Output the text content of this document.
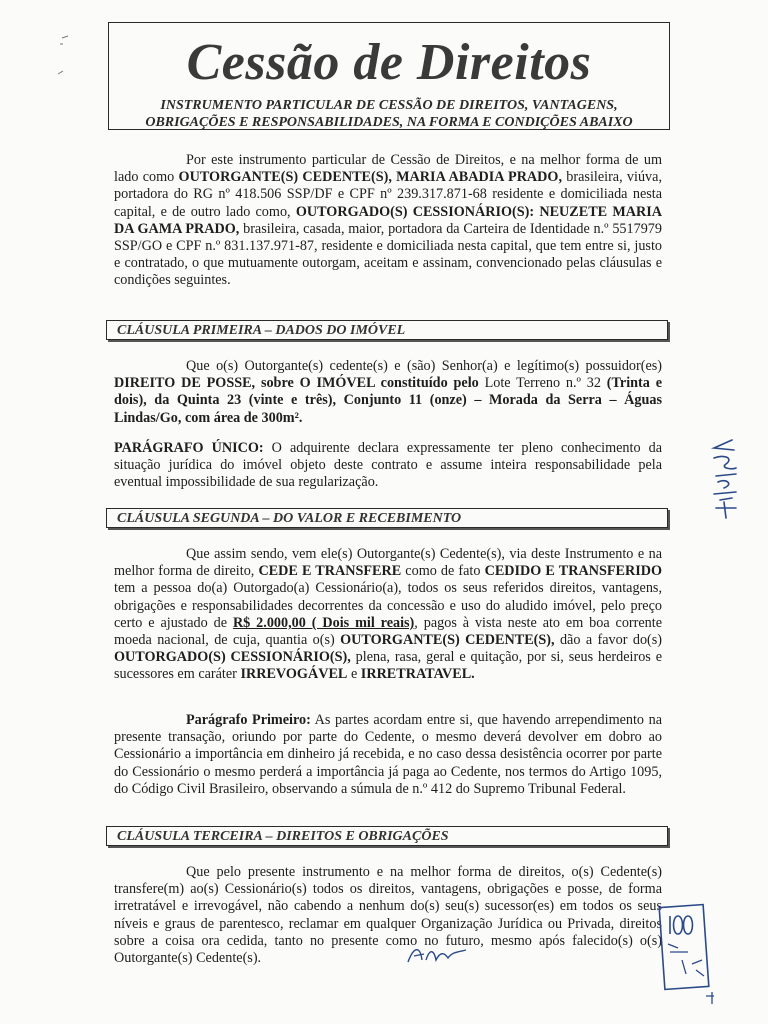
Cessão de Direitos
INSTRUMENTO PARTICULAR DE CESSÃO DE DIREITOS, VANTAGENS,
OBRIGAÇÕES E RESPONSABILIDADES, NA FORMA E CONDIÇÕES ABAIXO
Por este instrumento particular de Cessão de Direitos, e na melhor forma de um lado como OUTORGANTE(S) CEDENTE(S), MARIA ABADIA PRADO, brasileira, viúva, portadora do RG nº 418.506 SSP/DF e CPF nº 239.317.871-68 residente e domiciliada nesta capital, e de outro lado como, OUTORGADO(S) CESSIONÁRIO(S): NEUZETE MARIA DA GAMA PRADO, brasileira, casada, maior, portadora da Carteira de Identidade n.º 5517979 SSP/GO e CPF n.º 831.137.971-87, residente e domiciliada nesta capital, que tem entre si, justo e contratado, o que mutuamente outorgam, aceitam e assinam, convencionado pelas cláusulas e condições seguintes.
CLÁUSULA PRIMEIRA – DADOS DO IMÓVEL
Que o(s) Outorgante(s) cedente(s) e (são) Senhor(a) e legítimo(s) possuidor(es) DIREITO DE POSSE, sobre O IMÓVEL constituído pelo Lote Terreno n.º 32 (Trinta e dois), da Quinta 23 (vinte e três), Conjunto 11 (onze) – Morada da Serra – Águas Lindas/Go, com área de 300m².
PARÁGRAFO ÚNICO: O adquirente declara expressamente ter pleno conhecimento da situação jurídica do imóvel objeto deste contrato e assume inteira responsabilidade pela eventual impossibilidade de sua regularização.
CLÁUSULA SEGUNDA – DO VALOR E RECEBIMENTO
Que assim sendo, vem ele(s) Outorgante(s) Cedente(s), via deste Instrumento e na melhor forma de direito, CEDE E TRANSFERE como de fato CEDIDO E TRANSFERIDO tem a pessoa do(a) Outorgado(a) Cessionário(a), todos os seus referidos direitos, vantagens, obrigações e responsabilidades decorrentes da concessão e uso do aludido imóvel, pelo preço certo e ajustado de R$ 2.000,00 ( Dois mil reais), pagos à vista neste ato em boa corrente moeda nacional, de cuja, quantia o(s) OUTORGANTE(S) CEDENTE(S), dão a favor do(s) OUTORGADO(S) CESSIONÁRIO(S), plena, rasa, geral e quitação, por si, seus herdeiros e sucessores em caráter IRREVOGÁVEL e IRRETRATAVEL.
Parágrafo Primeiro: As partes acordam entre si, que havendo arrependimento na presente transação, oriundo por parte do Cedente, o mesmo deverá devolver em dobro ao Cessionário a importância em dinheiro já recebida, e no caso dessa desistência ocorrer por parte do Cessionário o mesmo perderá a importância já paga ao Cedente, nos termos do Artigo 1095, do Código Civil Brasileiro, observando a súmula de n.º 412 do Supremo Tribunal Federal.
CLÁUSULA TERCEIRA – DIREITOS E OBRIGAÇÕES
Que pelo presente instrumento e na melhor forma de direitos, o(s) Cedente(s) transfere(m) ao(s) Cessionário(s) todos os direitos, vantagens, obrigações e posse, de forma irretratável e irrevogável, não cabendo a nenhum do(s) seu(s) sucessor(es) em todos os seus níveis e graus de parentesco, reclamar em qualquer Organização Jurídica ou Privada, direitos sobre a coisa ora cedida, tanto no presente como no futuro, mesmo após falecido(s) o(s) Outorgante(s) Cedente(s).
